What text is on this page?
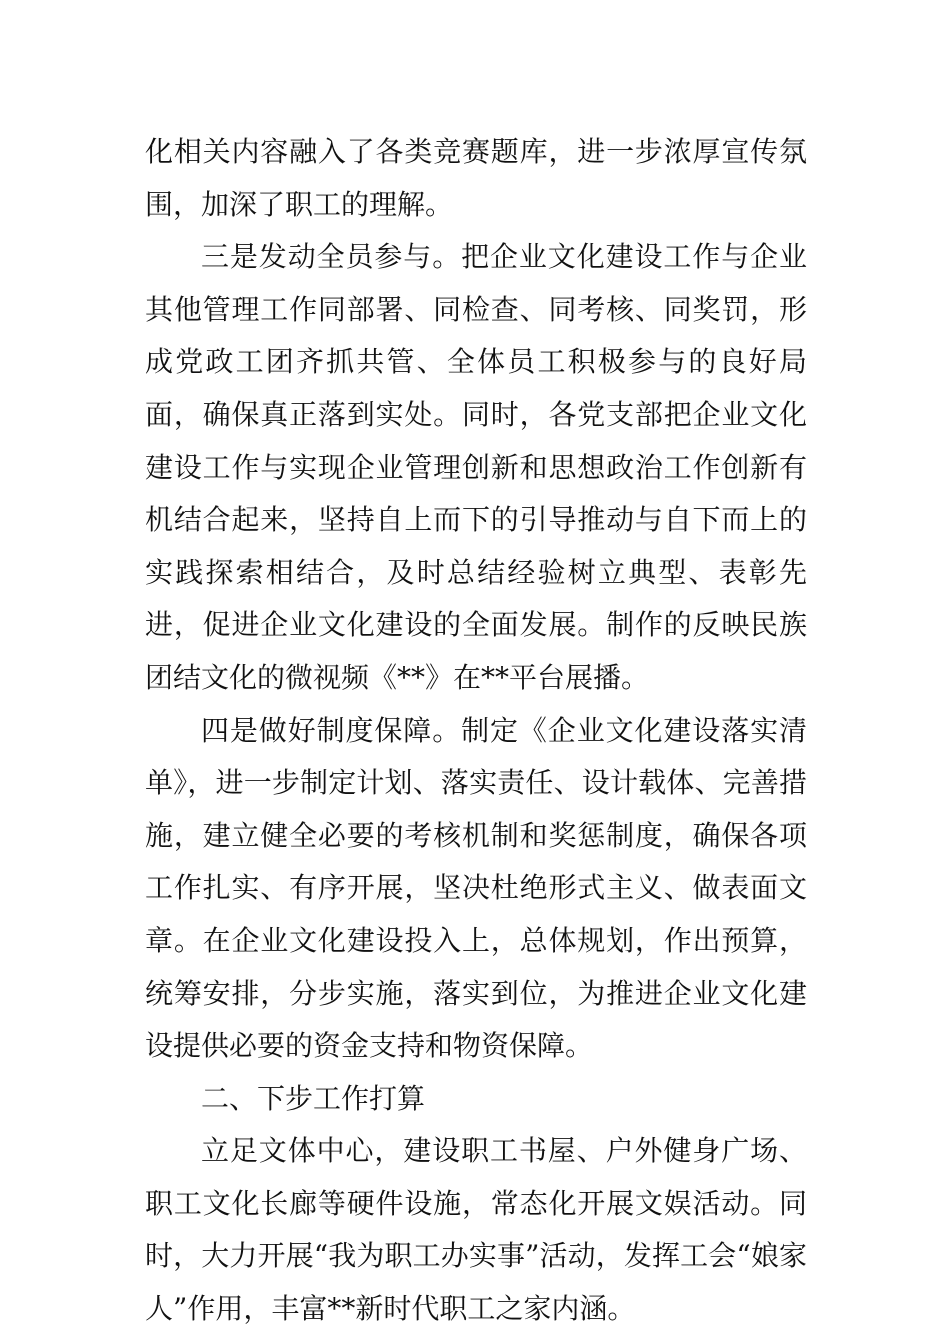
化相关内容融入了各类竞赛题库，进一步浓厚宣传氛围，加深了职工的理解。

三是发动全员参与。把企业文化建设工作与企业其他管理工作同部署、同检查、同考核、同奖罚，形成党政工团齐抓共管、全体员工积极参与的良好局面，确保真正落到实处。同时，各党支部把企业文化建设工作与实现企业管理创新和思想政治工作创新有机结合起来，坚持自上而下的引导推动与自下而上的实践探索相结合，及时总结经验树立典型、表彰先进，促进企业文化建设的全面发展。制作的反映民族团结文化的微视频《**》在**平台展播。

四是做好制度保障。制定《企业文化建设落实清单》，进一步制定计划、落实责任、设计载体、完善措施，建立健全必要的考核机制和奖惩制度，确保各项工作扎实、有序开展，坚决杜绝形式主义、做表面文章。在企业文化建设投入上，总体规划，作出预算，统筹安排，分步实施，落实到位，为推进企业文化建设提供必要的资金支持和物资保障。

二、下步工作打算

立足文体中心，建设职工书屋、户外健身广场、职工文化长廊等硬件设施，常态化开展文娱活动。同时，大力开展“我为职工办实事”活动，发挥工会“娘家人”作用，丰富**新时代职工之家内涵。
